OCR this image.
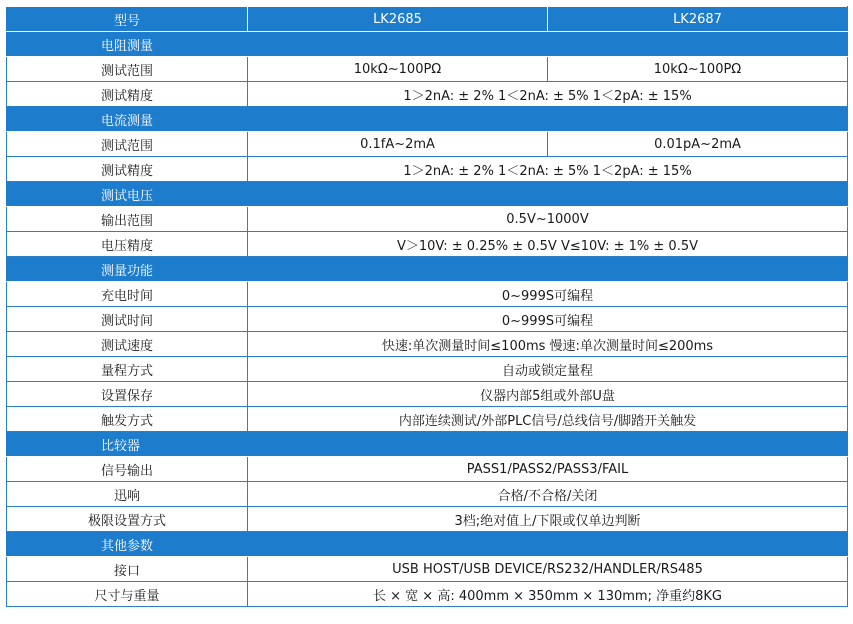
型号	LK2685	LK2687
电阻测量		
测试范围	10kΩ~100PΩ	10kΩ~100PΩ
测试精度	1＞2nA: ± 2% 1＜2nA: ± 5% 1＜2pA: ± 15%	
电流测量		
测试范围	0.1fA~2mA	0.01pA~2mA
测试精度	1＞2nA: ± 2% 1＜2nA: ± 5% 1＜2pA: ± 15%	
测试电压		
输出范围	0.5V~1000V	
电压精度	V＞10V: ± 0.25% ± 0.5V V≤10V: ± 1% ± 0.5V	
测量功能		
充电时间	0~999S可编程	
测试时间	0~999S可编程	
测试速度	快速:单次测量时间≤100ms 慢速:单次测量时间≤200ms	
量程方式	自动或锁定量程	
设置保存	仪器内部5组或外部U盘	
触发方式	内部连续测试/外部PLC信号/总线信号/脚踏开关触发	
比较器		
信号输出	PASS1/PASS2/PASS3/FAIL	
迅响	合格/不合格/关闭	
极限设置方式	3档;绝对值上/下限或仅单边判断	
其他参数		
接口	USB HOST/USB DEVICE/RS232/HANDLER/RS485	
尺寸与重量	长 × 宽 × 高: 400mm × 350mm × 130mm; 净重约8KG	
